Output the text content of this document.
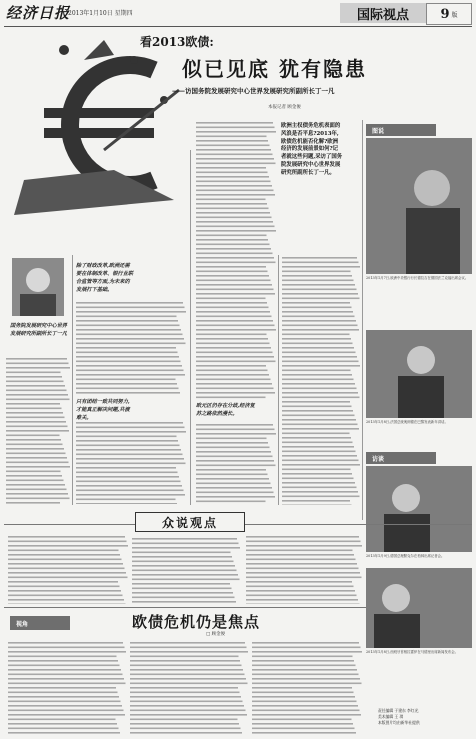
经济日报
2013年1月10日 星期四	国际视点	9 版
看2013欧债:
似已见底 犹有隐患
——访国务院发展研究中心世界发展研究所副所长丁一凡
本报记者 顾金俊
欧洲主权债务危机表面的风浪是否平息?2013年,欧债危机能否化解?欧洲经济的发展前景如何?记者就这些问题,采访了国务院发展研究中心世界发展研究所副所长丁一凡。
图说
2013年1月7日,欧洲中央银行行长德拉吉在德国法兰克福出席会议。
国务院发展研究中心世界发展研究所副所长丁一凡
除了财政改革,欧洲还需要在体制改革、银行业联合监管等方面,为未来的发展打下基础。
只有团结一致共同努力,才能真正解决问题,共渡难关。
欧元区仍存在分歧,经济复苏之路依然漫长。
2013年1月8日,法国总统奥朗德在巴黎发表新年讲话。
访谈
2013年1月9日,德国总理默克尔在柏林出席记者会。
众说观点
视角	欧债危机仍是焦点
□ 顾金俊
2013年1月8日,西班牙首相拉霍伊在马德里出席新闻发布会。
责任编辑 于建东 李红光
美术编辑 王 琪
本版图片均由新华社提供
